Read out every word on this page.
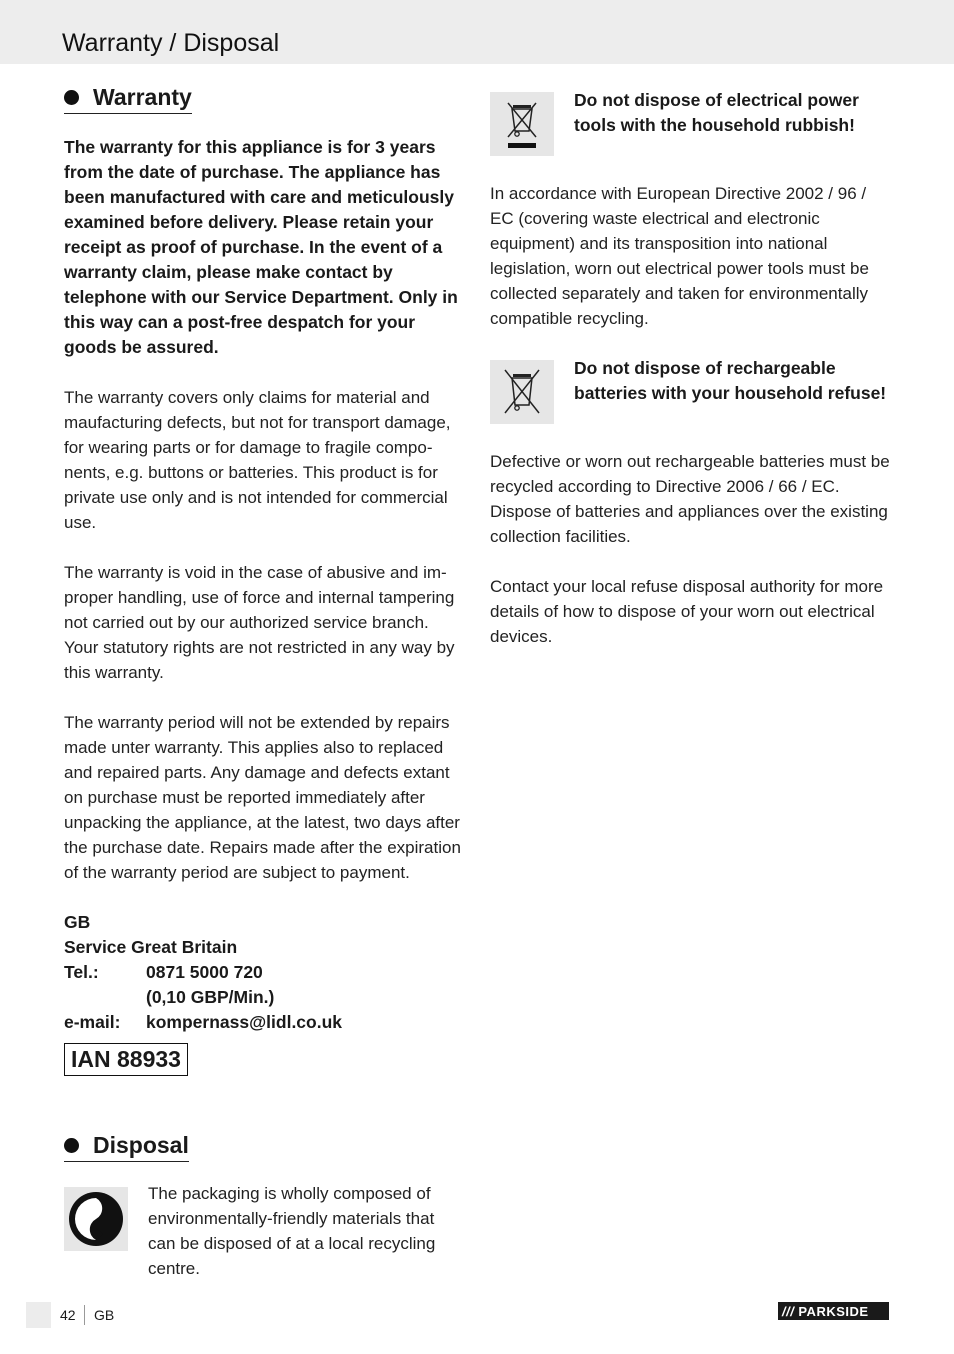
Warranty / Disposal
Warranty

The warranty for this appliance is for 3 years from the date of purchase. The appliance has been manufactured with care and meticulously examined before delivery. Please retain your receipt as proof of purchase. In the event of a warranty claim, please make contact by telephone with our Service Department. Only in this way can a post-free despatch for your goods be assured.

The warranty covers only claims for material and maufacturing defects, but not for transport damage, for wearing parts or for damage to fragile components, e.g. buttons or batteries. This product is for private use only and is not intended for commercial use.

The warranty is void in the case of abusive and improper handling, use of force and internal tampering not carried out by our authorized service branch. Your statutory rights are not restricted in any way by this warranty.

The warranty period will not be extended by repairs made unter warranty. This applies also to replaced and repaired parts. Any damage and defects extant on purchase must be reported immediately after unpacking the appliance, at the latest, two days after the purchase date. Repairs made after the expiration of the warranty period are subject to payment.

GB
Service Great Britain
Tel.:	0871 5000 720
(0,10 GBP/Min.)
e-mail:	kompernass@lidl.co.uk
IAN 88933
Disposal

The packaging is wholly composed of environmentally-friendly materials that can be disposed of at a local recycling centre.

Do not dispose of electrical power tools with the household rubbish!

In accordance with European Directive 2002 / 96 / EC (covering waste electrical and electronic equipment) and its transposition into national legislation, worn out electrical power tools must be collected separately and taken for environmentally compatible recycling.

Do not dispose of rechargeable batteries with your household refuse!

Defective or worn out rechargeable batteries must be recycled according to Directive 2006 / 66 / EC. Dispose of batteries and appliances over the existing collection facilities.

Contact your local refuse disposal authority for more details of how to dispose of your worn out electrical devices.

42 GB	/// PARKSIDE
